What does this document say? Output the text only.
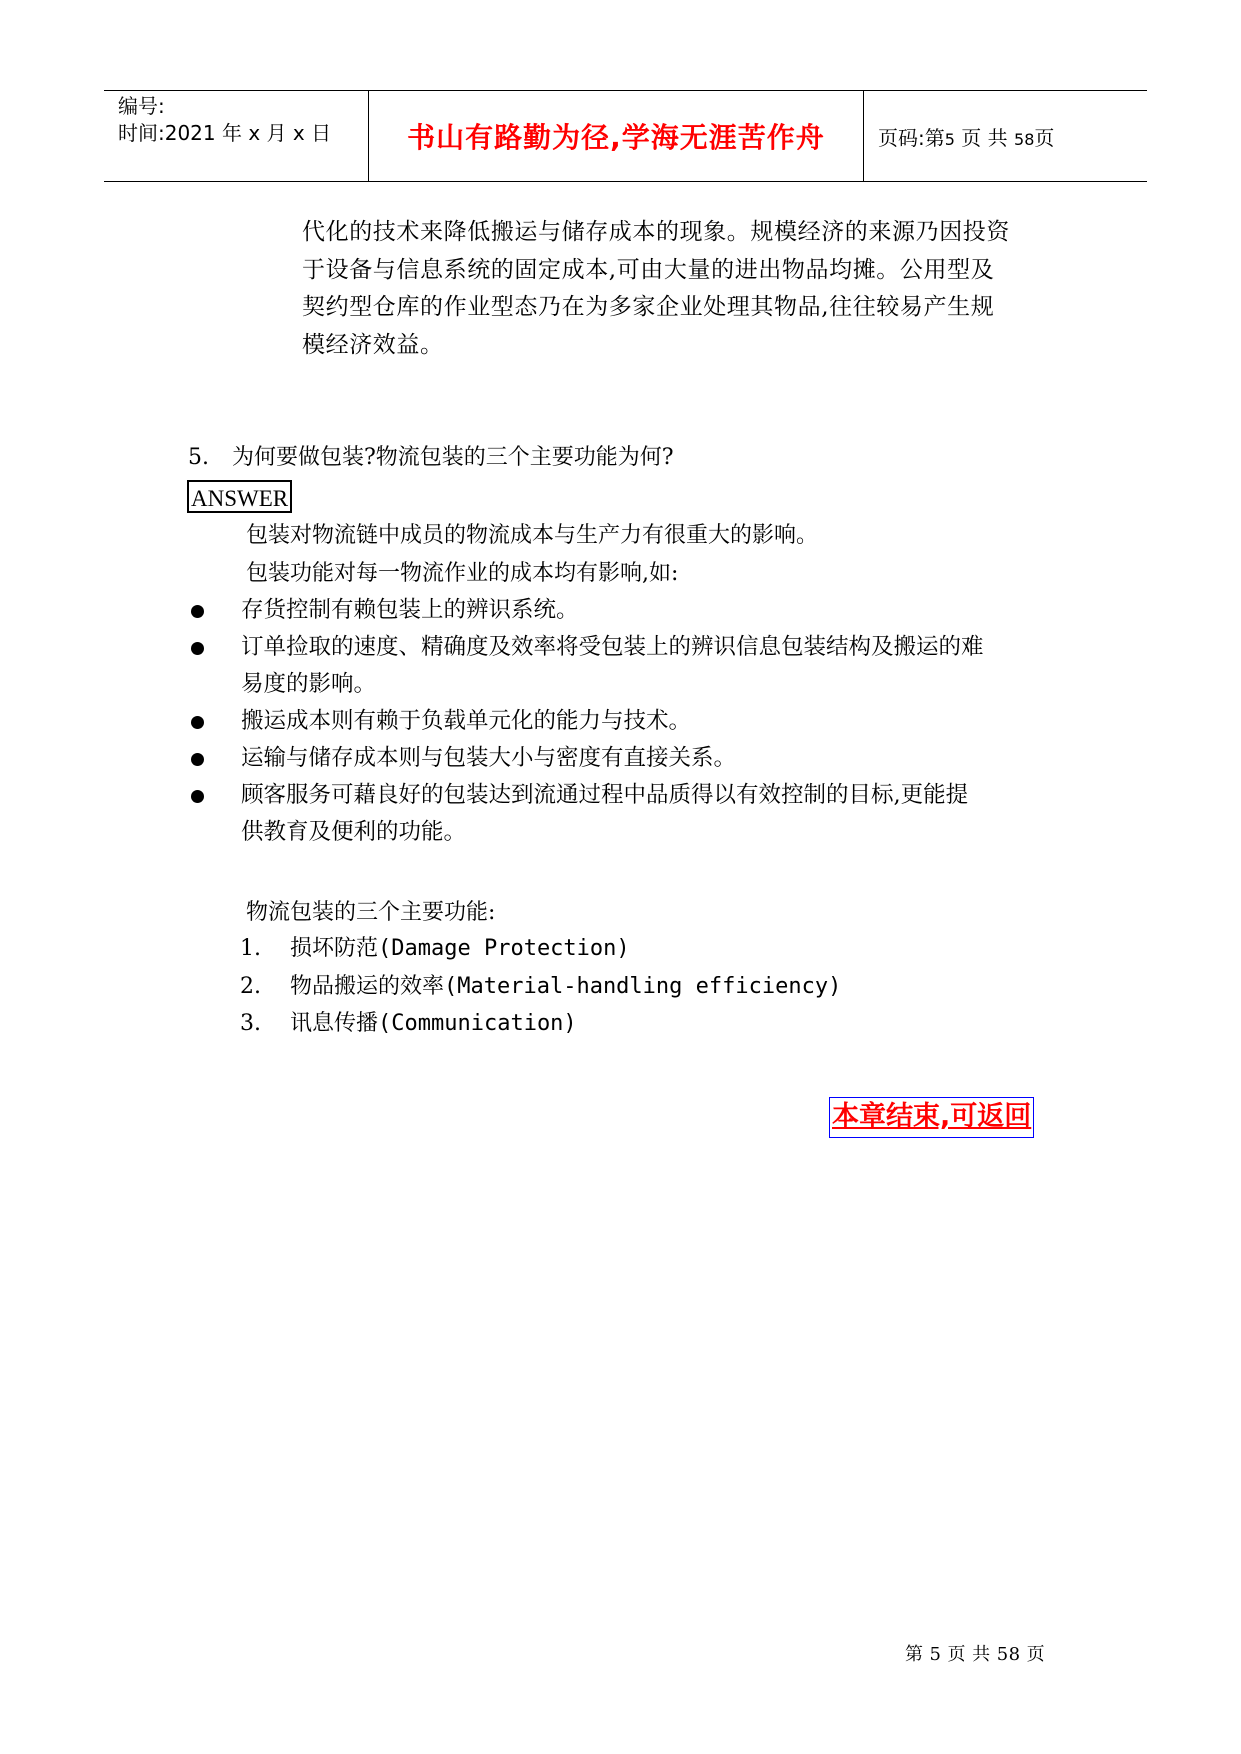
编号:
时间:2021 年 x 月 x 日	书山有路勤为径,学海无涯苦作舟	页码:第5 页 共 58页
代化的技术来降低搬运与储存成本的现象。规模经济的来源乃因投资
于设备与信息系统的固定成本,可由大量的进出物品均摊。公用型及
契约型仓库的作业型态乃在为多家企业处理其物品,往往较易产生规
模经济效益。
5. 为何要做包装?物流包装的三个主要功能为何?
ANSWER
包装对物流链中成员的物流成本与生产力有很重大的影响。
包装功能对每一物流作业的成本均有影响,如:
存货控制有赖包装上的辨识系统。
订单捡取的速度、精确度及效率将受包装上的辨识信息包装结构及搬运的难
易度的影响。
搬运成本则有赖于负载单元化的能力与技术。
运输与储存成本则与包装大小与密度有直接关系。
顾客服务可藉良好的包装达到流通过程中品质得以有效控制的目标,更能提
供教育及便利的功能。
物流包装的三个主要功能:
1. 损坏防范(Damage Protection)
2. 物品搬运的效率(Material-handling efficiency)
3. 讯息传播(Communication)
本章结束,可返回
第 5 页 共 58 页
